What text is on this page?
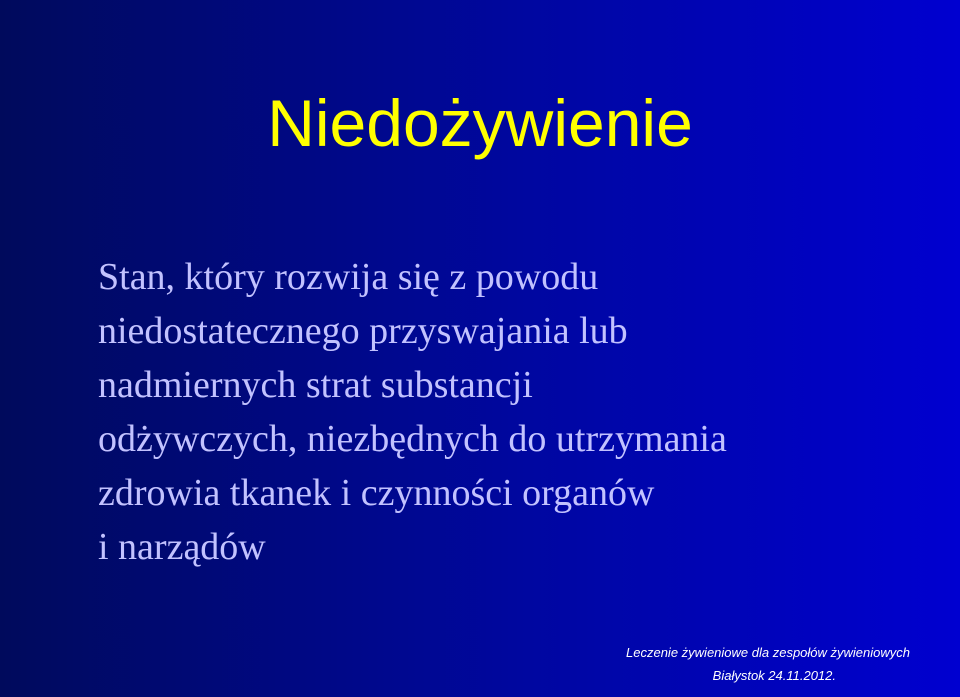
Niedożywienie
Stan, który rozwija się z powodu
niedostatecznego przyswajania lub
nadmiernych strat substancji
odżywczych, niezbędnych do utrzymania
zdrowia tkanek i czynności organów
i narządów
Leczenie żywieniowe dla zespołów żywieniowych
Białystok 24.11.2012.
